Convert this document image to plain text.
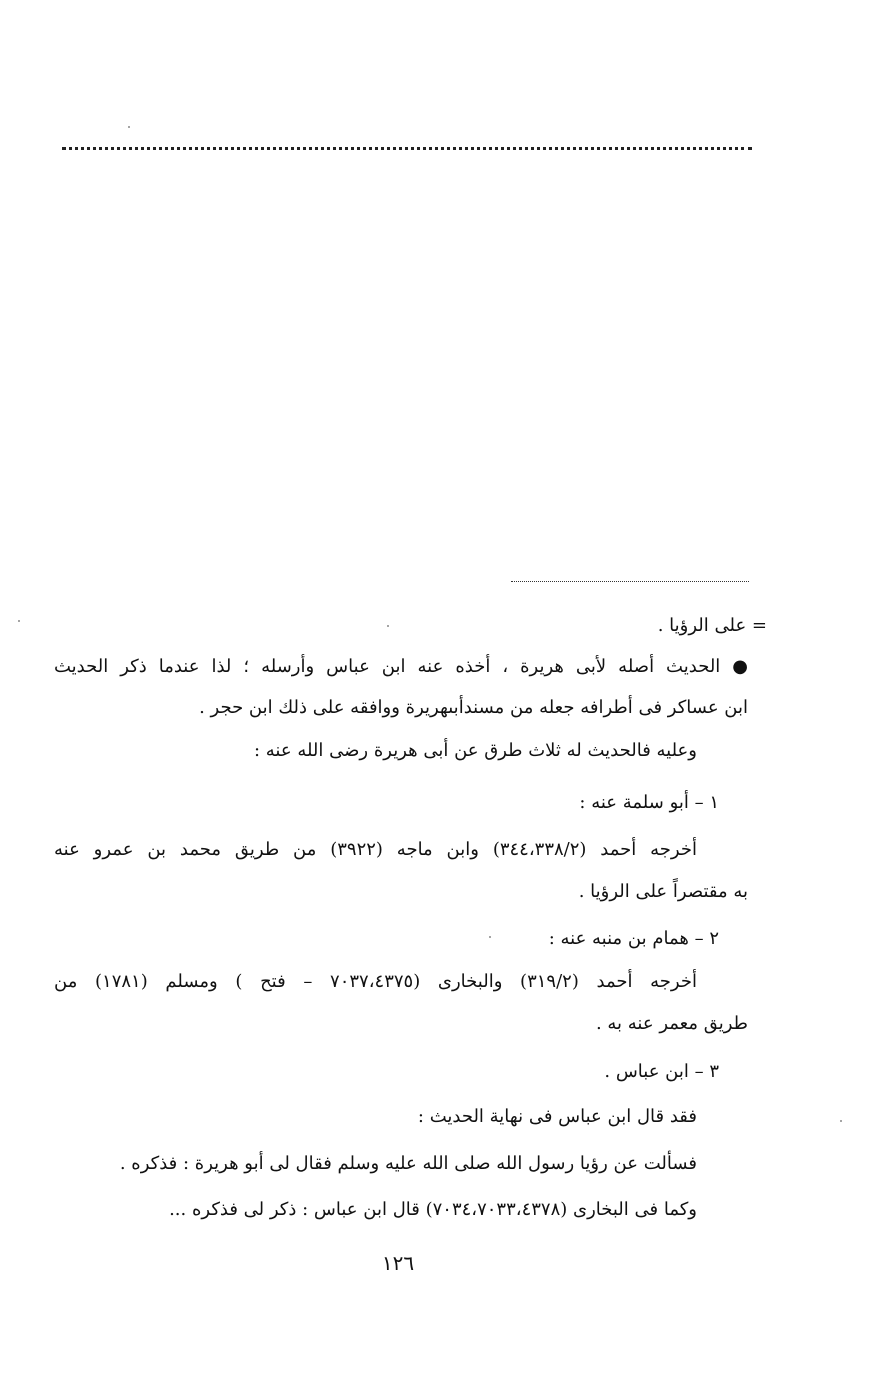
= على الرؤيا .
● الحديث أصله لأبى هريرة ، أخذه عنه ابن عباس وأرسله ؛ لذا عندما ذكر الحديث
ابن عساكر فى أطرافه جعله من مسندأبىهريرة ووافقه على ذلك ابن حجر .
وعليه فالحديث له ثلاث طرق عن أبى هريرة رضى الله عنه :
١ – أبو سلمة عنه :
أخرجه أحمد (٣٤٤،٣٣٨/٢) وابن ماجه (٣٩٢٢) من طريق محمد بن عمرو عنه
به مقتصراً على الرؤيا .
٢ – همام بن منبه عنه :
أخرجه أحمد (٣١٩/٢) والبخارى (٧٠٣٧،٤٣٧٥ – فتح ) ومسلم (١٧٨١) من
طريق معمر عنه به .
٣ – ابن عباس .
فقد قال ابن عباس فى نهاية الحديث :
فسألت عن رؤيا رسول الله صلى الله عليه وسلم فقال لى أبو هريرة : فذكره .
وكما فى البخارى (٧٠٣٤،٧٠٣٣،٤٣٧٨) قال ابن عباس : ذكر لى فذكره ...
١٢٦
